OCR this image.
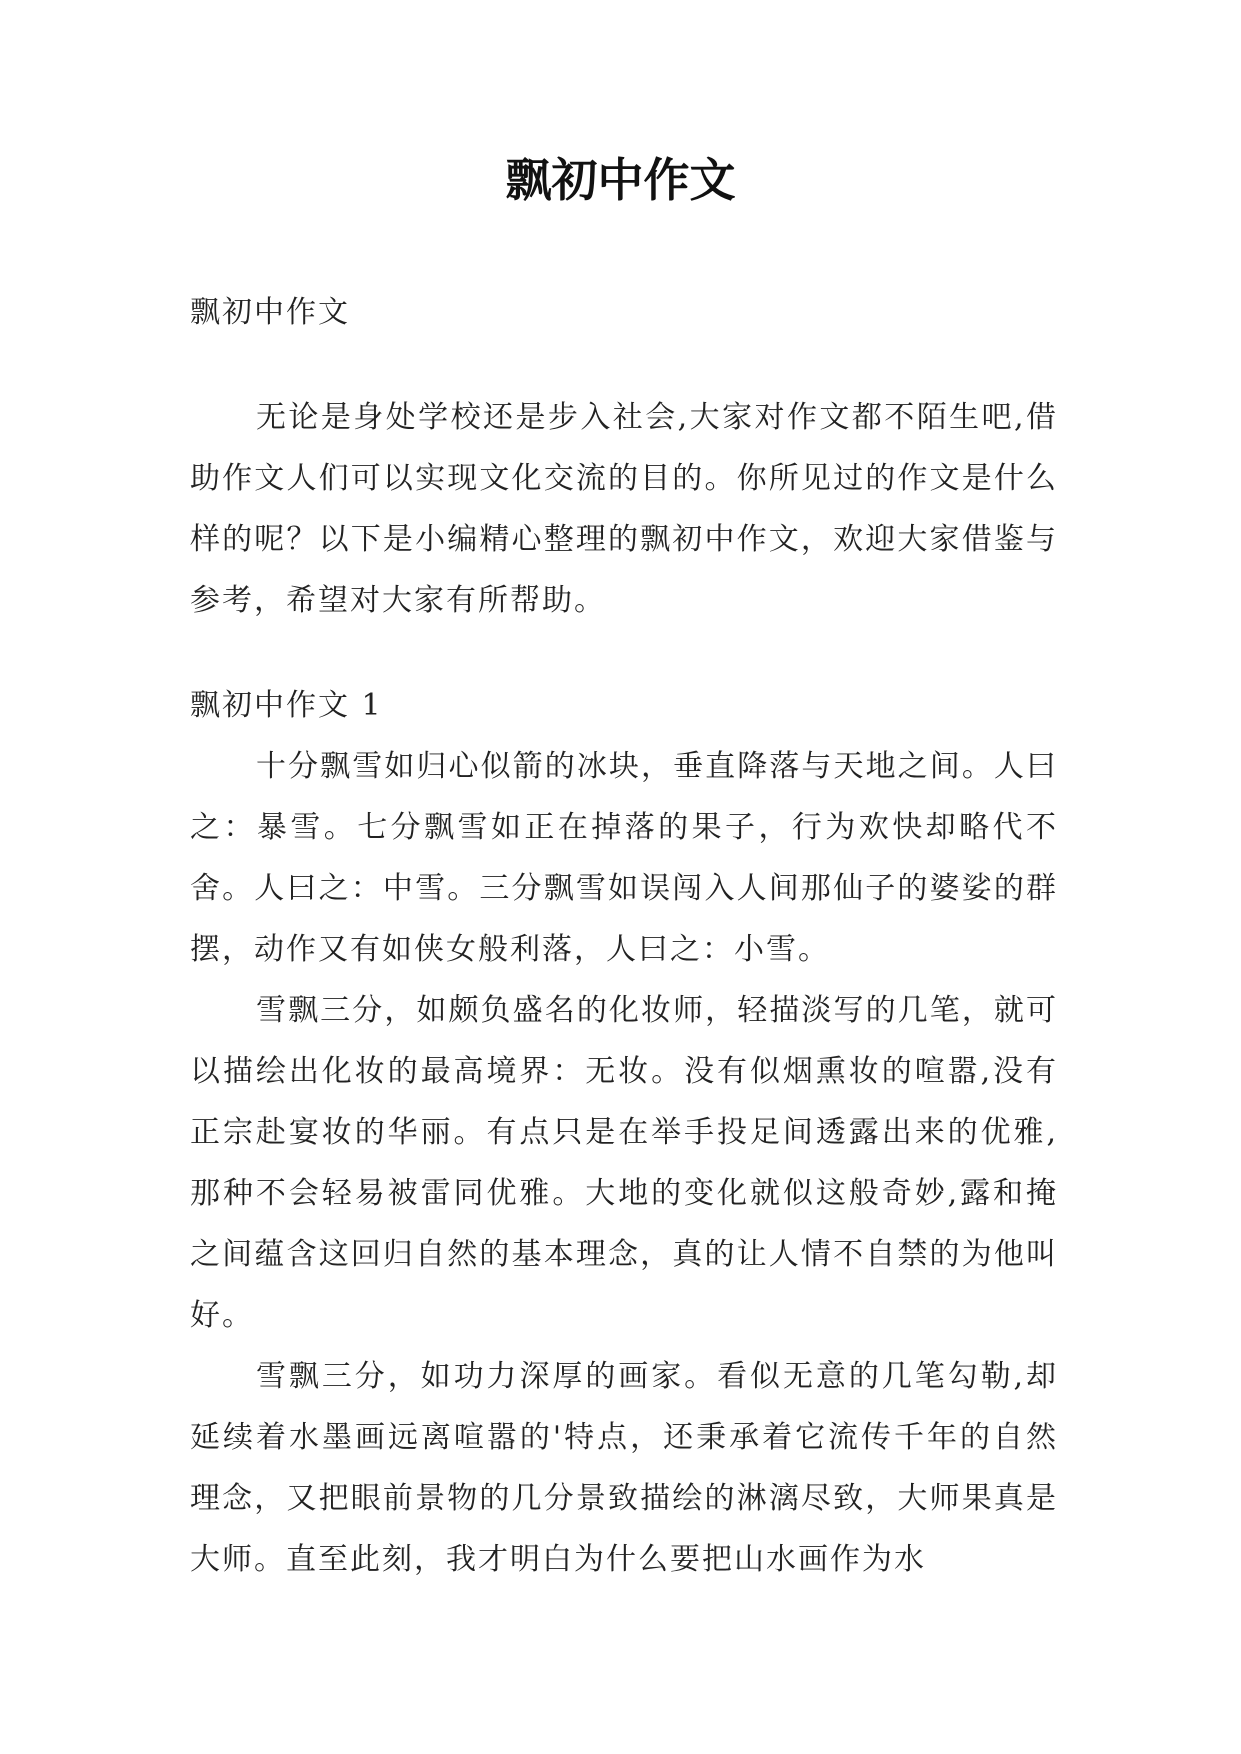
飘初中作文

飘初中作文

无论是身处学校还是步入社会,大家对作文都不陌生吧,借助作文人们可以实现文化交流的目的。你所见过的作文是什么样的呢？以下是小编精心整理的飘初中作文，欢迎大家借鉴与参考，希望对大家有所帮助。

飘初中作文 1

十分飘雪如归心似箭的冰块，垂直降落与天地之间。人曰之：暴雪。七分飘雪如正在掉落的果子，行为欢快却略代不舍。人曰之：中雪。三分飘雪如误闯入人间那仙子的婆娑的群摆，动作又有如侠女般利落，人曰之：小雪。

雪飘三分，如颇负盛名的化妆师，轻描淡写的几笔，就可以描绘出化妆的最高境界：无妆。没有似烟熏妆的喧嚣,没有正宗赴宴妆的华丽。有点只是在举手投足间透露出来的优雅,那种不会轻易被雷同优雅。大地的变化就似这般奇妙,露和掩之间蕴含这回归自然的基本理念，真的让人情不自禁的为他叫好。

雪飘三分，如功力深厚的画家。看似无意的几笔勾勒,却延续着水墨画远离喧嚣的'特点，还秉承着它流传千年的自然理念，又把眼前景物的几分景致描绘的淋漓尽致，大师果真是大师。直至此刻，我才明白为什么要把山水画作为水
